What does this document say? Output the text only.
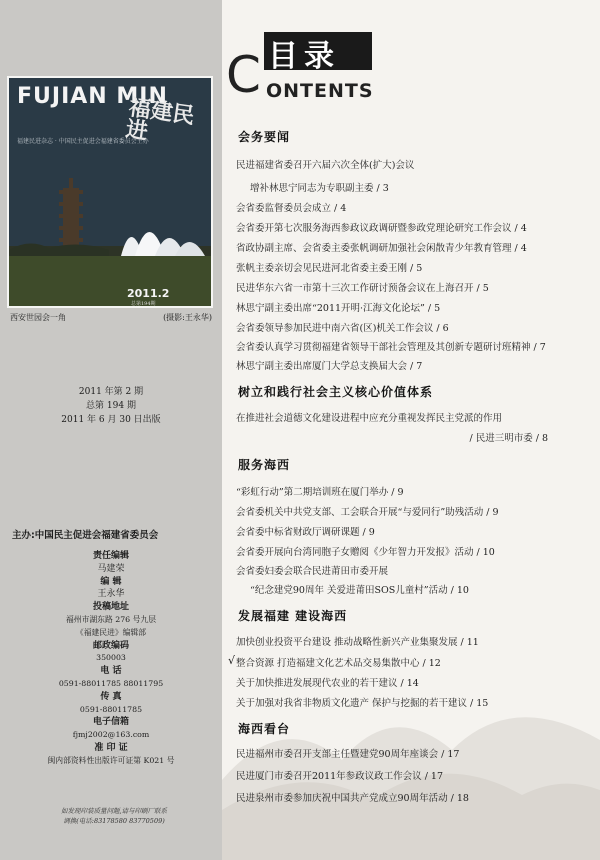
FUJIAN MIN
福建民进
福建民进杂志 · 中国民主促进会福建省委员会主办
2011.2
总第194期
西安世园会一角	(摄影:王永华)
2011 年第 2 期
总第 194 期
2011 年 6 月 30 日出版
主办:中国民主促进会福建省委员会
责任编辑
马建荣
编 辑
王永华
投稿地址
福州市湖东路 276 号九层
《福建民进》编辑部
邮政编码
350003
电 话
0591-88011785 88011795
传 真
0591-88011785
电子信箱
fjmj2002@163.com
准 印 证
闽内部资料性出版许可证第 K021 号
如发现印装质量问题,请与印刷厂联系
调换(电话:83178580 83770509)
目录
C ONTENTS
会务要闻
民进福建省委召开六届六次全体(扩大)会议
增补林思宁同志为专职副主委 / 3
会省委监督委员会成立 / 4
会省委开第七次服务海西参政议政调研暨参政党理论研究工作会议 / 4
省政协副主席、会省委主委张帆调研加强社会闲散青少年教育管理 / 4
张帆主委亲切会见民进河北省委主委王刚 / 5
民进华东六省一市第十三次工作研讨预备会议在上海召开 / 5
林思宁副主委出席“2011开明·江海文化论坛” / 5
会省委领导参加民进中南六省(区)机关工作会议 / 6
会省委认真学习贯彻福建省领导干部社会管理及其创新专题研讨班精神 / 7
林思宁副主委出席厦门大学总支换届大会 / 7
树立和践行社会主义核心价值体系
在推进社会道德文化建设进程中应充分重视发挥民主党派的作用
/ 民进三明市委 / 8
服务海西
“彩虹行动”第二期培训班在厦门举办 / 9
会省委机关中共党支部、工会联合开展“与爱同行”助残活动 / 9
会省委中标省财政厅调研课题 / 9
会省委开展向台湾同胞子女赠阅《少年智力开发报》活动 / 10
会省委妇委会联合民进莆田市委开展
“纪念建党90周年 关爱进莆田SOS儿童村”活动 / 10
发展福建 建设海西
加快创业投资平台建设 推动战略性新兴产业集聚发展 / 11
√ 整合资源 打造福建文化艺术品交易集散中心 / 12
关于加快推进发展现代农业的若干建议 / 14
关于加强对我省非物质文化遗产 保护与挖掘的若干建议 / 15
海西看台
民进福州市委召开支部主任暨建党90周年座谈会 / 17
民进厦门市委召开2011年参政议政工作会议 / 17
民进泉州市委参加庆祝中国共产党成立90周年活动 / 18
